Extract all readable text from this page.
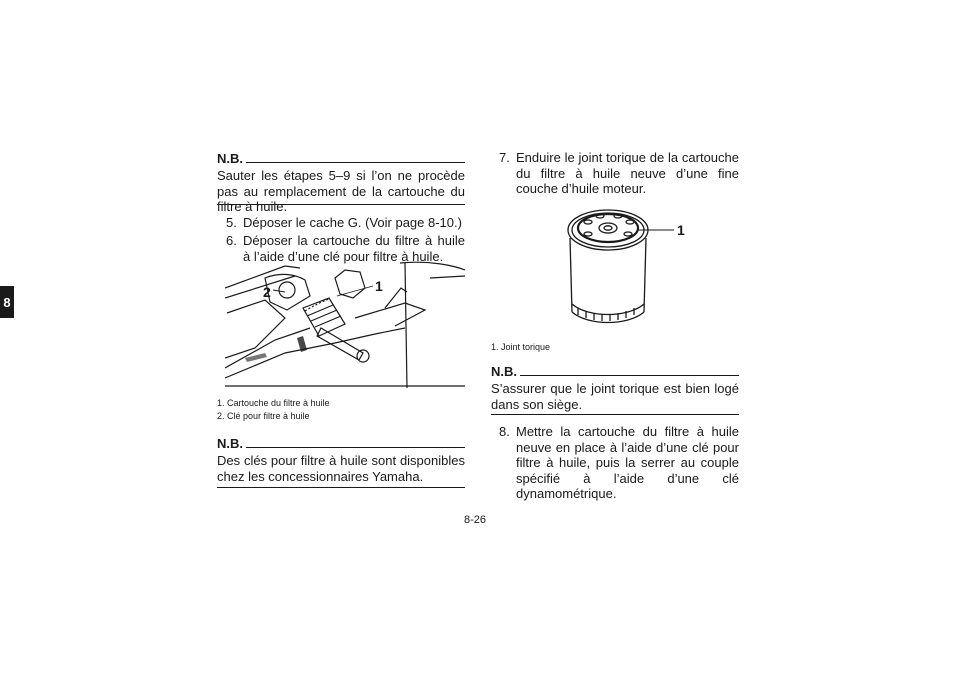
8
N.B.
Sauter les étapes 5–9 si l’on ne procède pas au remplacement de la cartouche du filtre à huile.
5. Déposer le cache G. (Voir page 8-10.)
6. Déposer la cartouche du filtre à huile à l’aide d’une clé pour filtre à huile.
1
2
1. Cartouche du filtre à huile
2. Clé pour filtre à huile
N.B.
Des clés pour filtre à huile sont disponibles chez les concessionnaires Yamaha.
7. Enduire le joint torique de la cartouche du filtre à huile neuve d’une fine couche d’huile moteur.
1
1. Joint torique
N.B.
S’assurer que le joint torique est bien logé dans son siège.
8. Mettre la cartouche du filtre à huile neuve en place à l’aide d’une clé pour filtre à huile, puis la serrer au couple spécifié à l’aide d’une clé dynamométrique.
8-26
